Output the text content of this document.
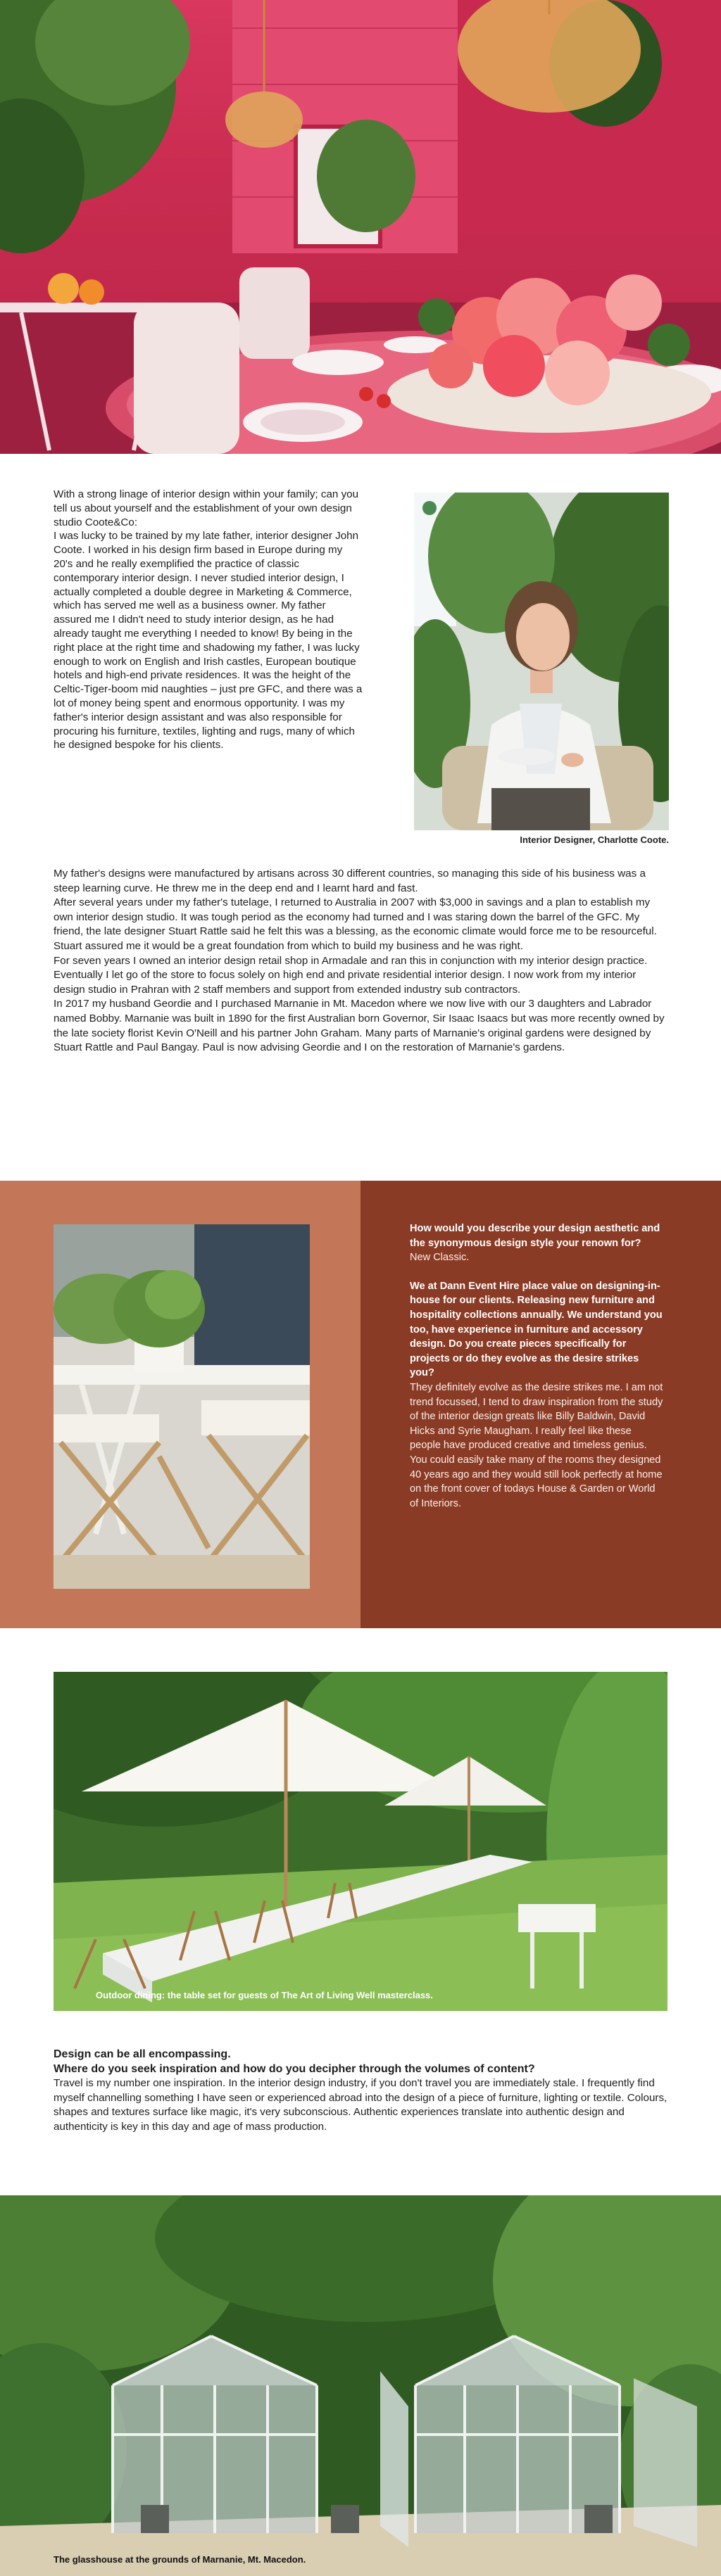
With a strong linage of interior design within your family; can you tell us about yourself and the establishment of your own design studio Coote&Co:

I was lucky to be trained by my late father, interior designer John Coote. I worked in his design firm based in Europe during my 20's and he really exemplified the practice of classic contemporary interior design. I never studied interior design, I actually completed a double degree in Marketing & Commerce, which has served me well as a business owner. My father assured me I didn't need to study interior design, as he had already taught me everything I needed to know! By being in the right place at the right time and shadowing my father, I was lucky enough to work on English and Irish castles, European boutique hotels and high-end private residences. It was the height of the Celtic-Tiger-boom mid naughties – just pre GFC, and there was a lot of money being spent and enormous opportunity. I was my father's interior design assistant and was also responsible for procuring his furniture, textiles, lighting and rugs, many of which he designed bespoke for his clients.

Interior Designer, Charlotte Coote.

My father's designs were manufactured by artisans across 30 different countries, so managing this side of his business was a steep learning curve. He threw me in the deep end and I learnt hard and fast.

After several years under my father's tutelage, I returned to Australia in 2007 with $3,000 in savings and a plan to establish my own interior design studio. It was tough period as the economy had turned and I was staring down the barrel of the GFC. My friend, the late designer Stuart Rattle said he felt this was a blessing, as the economic climate would force me to be resourceful. Stuart assured me it would be a great foundation from which to build my business and he was right.

For seven years I owned an interior design retail shop in Armadale and ran this in conjunction with my interior design practice. Eventually I let go of the store to focus solely on high end and private residential interior design. I now work from my interior design studio in Prahran with 2 staff members and support from extended industry sub contractors.

In 2017 my husband Geordie and I purchased Marnanie in Mt. Macedon where we now live with our 3 daughters and Labrador named Bobby. Marnanie was built in 1890 for the first Australian born Governor, Sir Isaac Isaacs but was more recently owned by the late society florist Kevin O'Neill and his partner John Graham. Many parts of Marnanie's original gardens were designed by Stuart Rattle and Paul Bangay. Paul is now advising Geordie and I on the restoration of Marnanie's gardens.

How would you describe your design aesthetic and the synonymous design style your renown for? New Classic.

We at Dann Event Hire place value on designing-in-house for our clients. Releasing new furniture and hospitality collections annually. We understand you too, have experience in furniture and accessory design. Do you create pieces specifically for projects or do they evolve as the desire strikes you?

They definitely evolve as the desire strikes me. I am not trend focussed, I tend to draw inspiration from the study of the interior design greats like Billy Baldwin, David Hicks and Syrie Maugham. I really feel like these people have produced creative and timeless genius.

You could easily take many of the rooms they designed 40 years ago and they would still look perfectly at home on the front cover of todays House & Garden or World of Interiors.

Outdoor dining: the table set for guests of The Art of Living Well masterclass.

Design can be all encompassing.

Where do you seek inspiration and how do you decipher through the volumes of content?

Travel is my number one inspiration. In the interior design industry, if you don't travel you are immediately stale. I frequently find myself channelling something I have seen or experienced abroad into the design of a piece of furniture, lighting or textile. Colours, shapes and textures surface like magic, it's very subconscious. Authentic experiences translate into authentic design and authenticity is key in this day and age of mass production.

The glasshouse at the grounds of Marnanie, Mt. Macedon.
